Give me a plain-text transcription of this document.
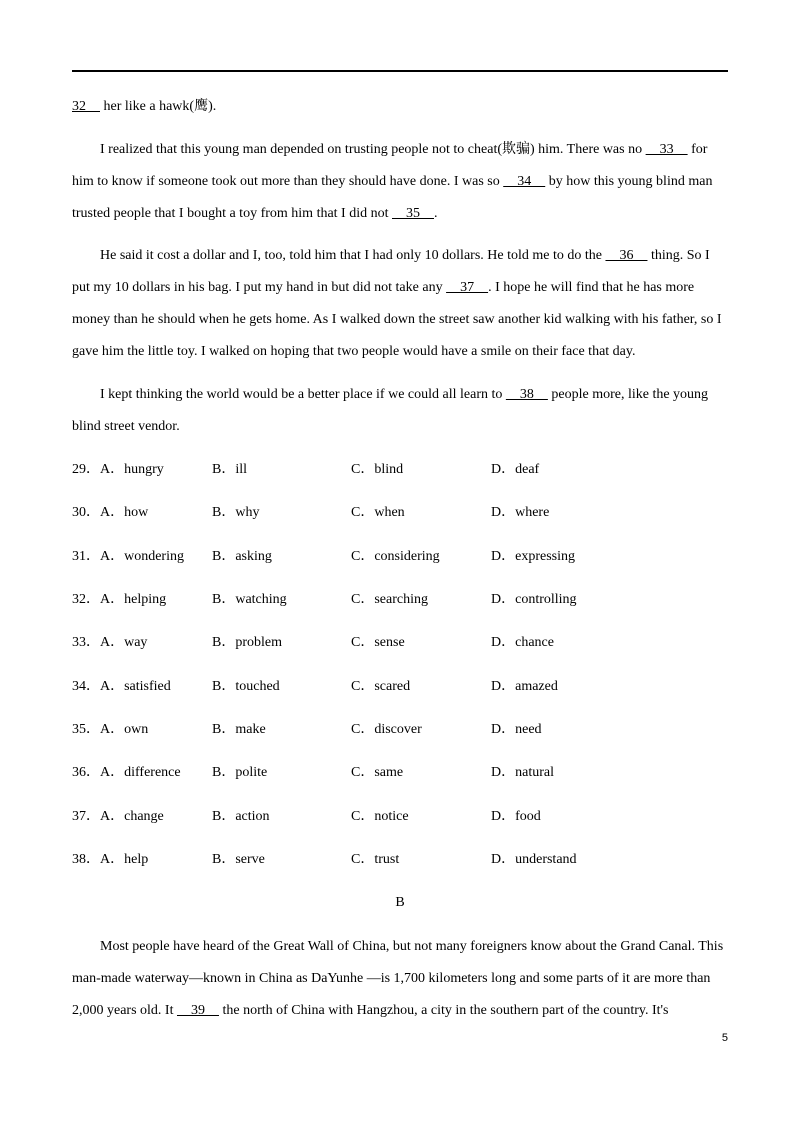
32     her like a hawk(鹰).

I realized that this young man depended on trusting people not to cheat(欺骗) him. There was no     33     for him to know if someone took out more than they should have done. I was so     34     by how this young blind man trusted people that I bought a toy from him that I did not     35    .

He said it cost a dollar and I, too, told him that I had only 10 dollars. He told me to do the     36     thing. So I put my 10 dollars in his bag. I put my hand in but did not take any     37    . I hope he will find that he has more money than he should when he gets home. As I walked down the street saw another kid walking with his father, so I gave him the little toy. I walked on hoping that two people would have a smile on their face that day.

I kept thinking the world would be a better place if we could all learn to     38     people more, like the young blind street vendor.

29． A．hungry	B．ill	C．blind	D．deaf
30． A．how	B．why	C．when	D．where
31． A．wondering B．asking	C．considering	D．expressing
32． A．helping	B．watching	C．searching	D．controlling
33． A．way	B．problem	C．sense	D．chance
34． A．satisfied	B．touched	C．scared	D．amazed
35． A．own	B．make	C．discover	D．need
36． A．difference B．polite	C．same	D．natural
37． A．change	B．action	C．notice	D．food
38． A．help	B．serve	C．trust	D．understand
B

Most people have heard of the Great Wall of China, but not many foreigners know about the Grand Canal. This man-made waterway—known in China as DaYunhe —is 1,700 kilometers long and some parts of it are more than 2,000 years old. It     39     the north of China with Hangzhou, a city in the southern part of the country. It's

5
